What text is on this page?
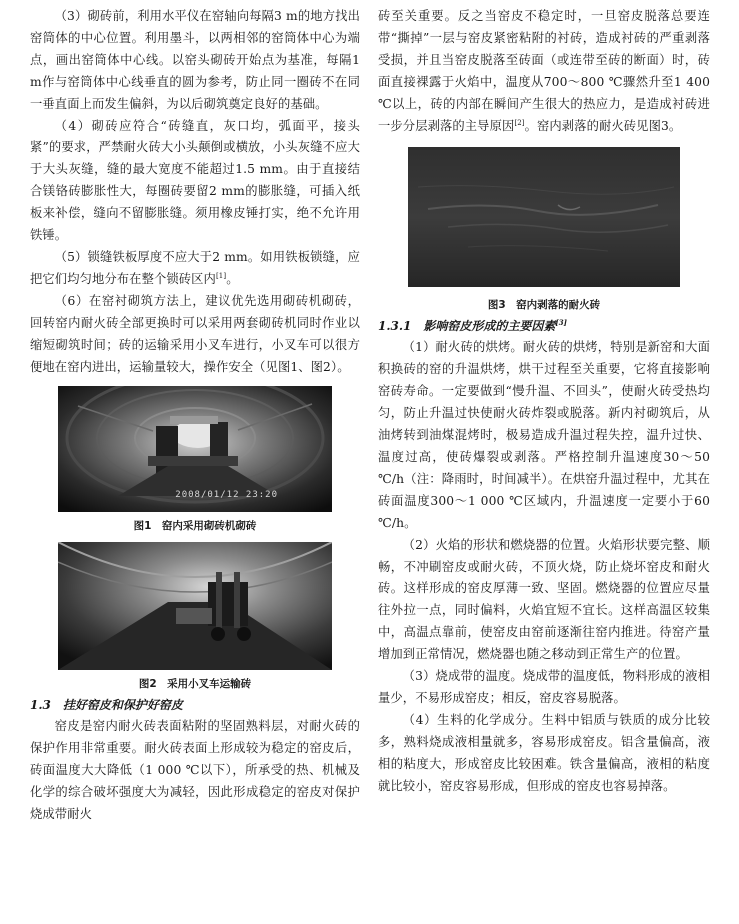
（3）砌砖前，利用水平仪在窑轴向每隔3 m的地方找出窑筒体的中心位置。利用墨斗，以两相邻的窑筒体中心为端点，画出窑筒体中心线。以窑头砌砖开始点为基准，每隔1 m作与窑筒体中心线垂直的圆为参考，防止同一圈砖不在同一垂直面上而发生偏斜，为以后砌筑奠定良好的基础。

（4）砌砖应符合“砖缝直，灰口均，弧面平，接头紧”的要求，严禁耐火砖大小头颠倒或横放，小头灰缝不应大于大头灰缝，缝的最大宽度不能超过1.5 mm。由于直接结合镁铬砖膨胀性大，每圈砖要留2 mm的膨胀缝，可插入纸板来补偿，缝向不留膨胀缝。须用橡皮锤打实，绝不允许用铁锤。

（5）锁缝铁板厚度不应大于2 mm。如用铁板锁缝，应把它们均匀地分布在整个锁砖区内[1]。

（6）在窑衬砌筑方法上，建议优先选用砌砖机砌砖，回转窑内耐火砖全部更换时可以采用两套砌砖机同时作业以缩短砌筑时间；砖的运输采用小叉车进行，小叉车可以很方便地在窑内进出，运输量较大，操作安全（见图1、图2）。

2008/01/12 23:20
图1　窑内采用砌砖机砌砖
图2　采用小叉车运输砖
1.3　挂好窑皮和保护好窑皮

窑皮是窑内耐火砖表面粘附的坚固熟料层，对耐火砖的保护作用非常重要。耐火砖表面上形成较为稳定的窑皮后，砖面温度大大降低（1 000 ℃以下），所承受的热、机械及化学的综合破坏强度大为减轻，因此形成稳定的窑皮对保护烧成带耐火

砖至关重要。反之当窑皮不稳定时，一旦窑皮脱落总要连带“撕掉”一层与窑皮紧密粘附的衬砖，造成衬砖的严重剥落受损，并且当窑皮脱落至砖面（或连带至砖的断面）时，砖面直接裸露于火焰中，温度从700～800 ℃骤然升至1 400 ℃以上，砖的内部在瞬间产生很大的热应力，是造成衬砖进一步分层剥落的主导原因[2]。窑内剥落的耐火砖见图3。

图3　窑内剥落的耐火砖
1.3.1　影响窑皮形成的主要因素[3]

（1）耐火砖的烘烤。耐火砖的烘烤，特别是新窑和大面积换砖的窑的升温烘烤，烘干过程至关重要，它将直接影响窑砖寿命。一定要做到“慢升温、不回头”，使耐火砖受热均匀，防止升温过快使耐火砖炸裂或脱落。新内衬砌筑后，从油烤转到油煤混烤时，极易造成升温过程失控，温升过快、温度过高，使砖爆裂或剥落。严格控制升温速度30～50 ℃/h（注：降雨时，时间减半）。在烘窑升温过程中，尤其在砖面温度300～1 000 ℃区域内，升温速度一定要小于60 ℃/h。

（2）火焰的形状和燃烧器的位置。火焰形状要完整、顺畅，不冲刷窑皮或耐火砖，不顶火烧，防止烧坏窑皮和耐火砖。这样形成的窑皮厚薄一致、坚固。燃烧器的位置应尽量往外拉一点，同时偏料，火焰宜短不宜长。这样高温区较集中，高温点靠前，使窑皮由窑前逐渐往窑内推进。待窑产量增加到正常情况，燃烧器也随之移动到正常生产的位置。

（3）烧成带的温度。烧成带的温度低，物料形成的液相量少，不易形成窑皮；相反，窑皮容易脱落。

（4）生料的化学成分。生料中铝质与铁质的成分比较多，熟料烧成液相量就多，容易形成窑皮。铝含量偏高，液相的粘度大，形成窑皮比较困难。铁含量偏高，液相的粘度就比较小，窑皮容易形成，但形成的窑皮也容易掉落。
